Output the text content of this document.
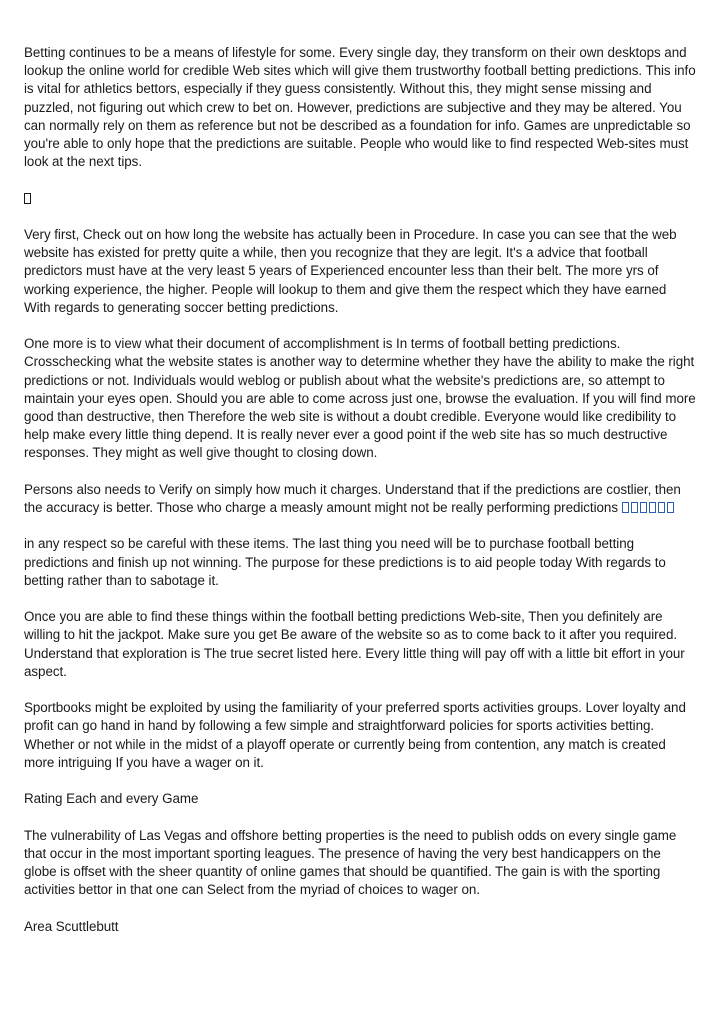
Betting continues to be a means of lifestyle for some. Every single day, they transform on their own desktops and lookup the online world for credible Web sites which will give them trustworthy football betting predictions. This info is vital for athletics bettors, especially if they guess consistently. Without this, they might sense missing and puzzled, not figuring out which crew to bet on. However, predictions are subjective and they may be altered. You can normally rely on them as reference but not be described as a foundation for info. Games are unpredictable so you're able to only hope that the predictions are suitable. People who would like to find respected Web-sites must look at the next tips.

Very first, Check out on how long the website has actually been in Procedure. In case you can see that the web website has existed for pretty quite a while, then you recognize that they are legit. It's a advice that football predictors must have at the very least 5 years of Experienced encounter less than their belt. The more yrs of working experience, the higher. People will lookup to them and give them the respect which they have earned With regards to generating soccer betting predictions.

One more is to view what their document of accomplishment is In terms of football betting predictions. Crosschecking what the website states is another way to determine whether they have the ability to make the right predictions or not. Individuals would weblog or publish about what the website's predictions are, so attempt to maintain your eyes open. Should you are able to come across just one, browse the evaluation. If you will find more good than destructive, then Therefore the web site is without a doubt credible. Everyone would like credibility to help make every little thing depend. It is really never ever a good point if the web site has so much destructive responses. They might as well give thought to closing down.

Persons also needs to Verify on simply how much it charges. Understand that if the predictions are costlier, then the accuracy is better. Those who charge a measly amount might not be really performing predictions

in any respect so be careful with these items. The last thing you need will be to purchase football betting predictions and finish up not winning. The purpose for these predictions is to aid people today With regards to betting rather than to sabotage it.

Once you are able to find these things within the football betting predictions Web-site, Then you definitely are willing to hit the jackpot. Make sure you get Be aware of the website so as to come back to it after you required. Understand that exploration is The true secret listed here. Every little thing will pay off with a little bit effort in your aspect.

Sportbooks might be exploited by using the familiarity of your preferred sports activities groups. Lover loyalty and profit can go hand in hand by following a few simple and straightforward policies for sports activities betting. Whether or not while in the midst of a playoff operate or currently being from contention, any match is created more intriguing If you have a wager on it.

Rating Each and every Game

The vulnerability of Las Vegas and offshore betting properties is the need to publish odds on every single game that occur in the most important sporting leagues. The presence of having the very best handicappers on the globe is offset with the sheer quantity of online games that should be quantified. The gain is with the sporting activities bettor in that one can Select from the myriad of choices to wager on.

Area Scuttlebutt
